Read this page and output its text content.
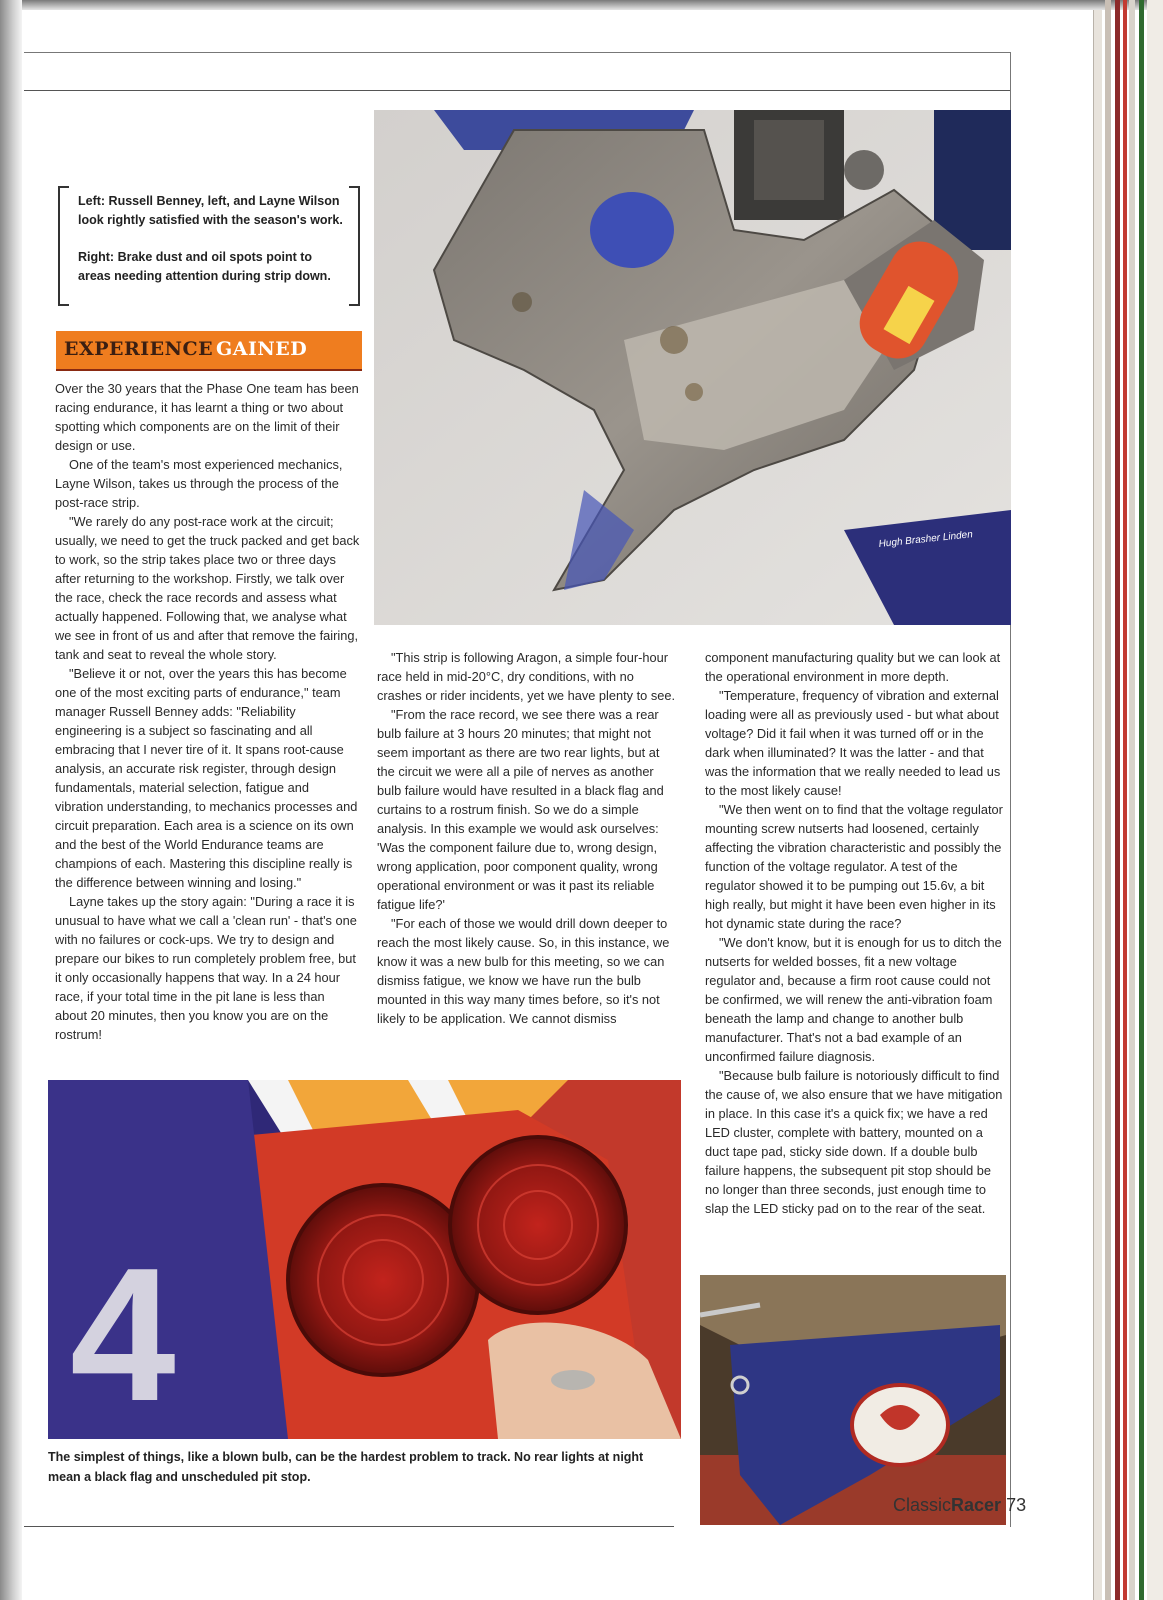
Left: Russell Benney, left, and Layne Wilson look rightly satisfied with the season's work.

Right: Brake dust and oil spots point to areas needing attention during strip down.

EXPERIENCE GAINED

Over the 30 years that the Phase One team has been racing endurance, it has learnt a thing or two about spotting which components are on the limit of their design or use.

One of the team's most experienced mechanics, Layne Wilson, takes us through the process of the post-race strip.

"We rarely do any post-race work at the circuit; usually, we need to get the truck packed and get back to work, so the strip takes place two or three days after returning to the workshop. Firstly, we talk over the race, check the race records and assess what actually happened. Following that, we analyse what we see in front of us and after that remove the fairing, tank and seat to reveal the whole story.

"Believe it or not, over the years this has become one of the most exciting parts of endurance," team manager Russell Benney adds: "Reliability engineering is a subject so fascinating and all embracing that I never tire of it. It spans root-cause analysis, an accurate risk register, through design fundamentals, material selection, fatigue and vibration understanding, to mechanics processes and circuit preparation. Each area is a science on its own and the best of the World Endurance teams are champions of each. Mastering this discipline really is the difference between winning and losing."

Layne takes up the story again: "During a race it is unusual to have what we call a 'clean run' - that's one with no failures or cock-ups. We try to design and prepare our bikes to run completely problem free, but it only occasionally happens that way. In a 24 hour race, if your total time in the pit lane is less than about 20 minutes, then you know you are on the rostrum!

"This strip is following Aragon, a simple four-hour race held in mid-20°C, dry conditions, with no crashes or rider incidents, yet we have plenty to see.

"From the race record, we see there was a rear bulb failure at 3 hours 20 minutes; that might not seem important as there are two rear lights, but at the circuit we were all a pile of nerves as another bulb failure would have resulted in a black flag and curtains to a rostrum finish. So we do a simple analysis. In this example we would ask ourselves: 'Was the component failure due to, wrong design, wrong application, poor component quality, wrong operational environment or was it past its reliable fatigue life?'

"For each of those we would drill down deeper to reach the most likely cause. So, in this instance, we know it was a new bulb for this meeting, so we can dismiss fatigue, we know we have run the bulb mounted in this way many times before, so it's not likely to be application. We cannot dismiss

component manufacturing quality but we can look at the operational environment in more depth.

"Temperature, frequency of vibration and external loading were all as previously used - but what about voltage? Did it fail when it was turned off or in the dark when illuminated? It was the latter - and that was the information that we really needed to lead us to the most likely cause!

"We then went on to find that the voltage regulator mounting screw nutserts had loosened, certainly affecting the vibration characteristic and possibly the function of the voltage regulator. A test of the regulator showed it to be pumping out 15.6v, a bit high really, but might it have been even higher in its hot dynamic state during the race?

"We don't know, but it is enough for us to ditch the nutserts for welded bosses, fit a new voltage regulator and, because a firm root cause could not be confirmed, we will renew the anti-vibration foam beneath the lamp and change to another bulb manufacturer. That's not a bad example of an unconfirmed failure diagnosis.

"Because bulb failure is notoriously difficult to find the cause of, we also ensure that we have mitigation in place. In this case it's a quick fix; we have a red LED cluster, complete with battery, mounted on a duct tape pad, sticky side down. If a double bulb failure happens, the subsequent pit stop should be no longer than three seconds, just enough time to slap the LED sticky pad on to the rear of the seat.

Hugh Brasher Linden
4
The simplest of things, like a blown bulb, can be the hardest problem to track. No rear lights at night mean a black flag and unscheduled pit stop.
ClassicRacer 73
